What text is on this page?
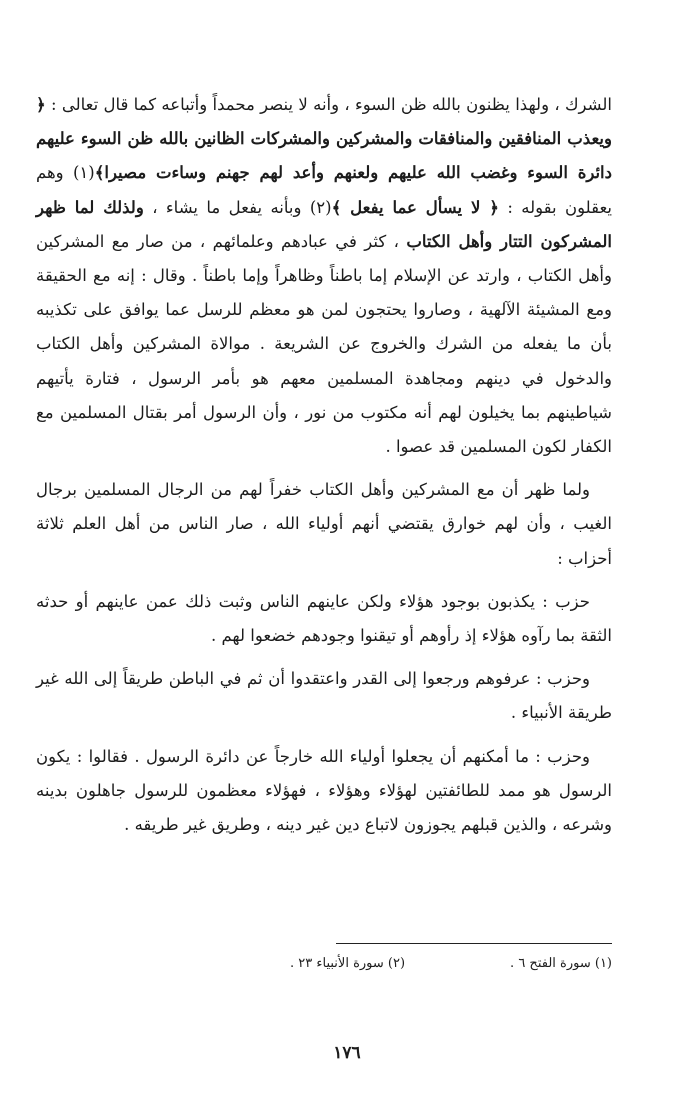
الشرك ، ولهذا يظنون بالله ظن السوء ، وأنه لا ينصر محمداً وأتباعه كما قال تعالى : ﴿ ويعذب المنافقين والمنافقات والمشركين والمشركات الظانين بالله ظن السوء عليهم دائرة السوء وغضب الله عليهم ولعنهم وأعد لهم جهنم وساءت مصيرا﴾(١) وهم يعقلون بقوله : ﴿ لا يسأل عما يفعل ﴾(٢) وبأنه يفعل ما يشاء ، ولذلك لما ظهر المشركون التتار وأهل الكتاب ، كثر في عبادهم وعلمائهم ، من صار مع المشركين وأهل الكتاب ، وارتد عن الإسلام إما باطناً وظاهراً وإما باطناً . وقال : إنه مع الحقيقة ومع المشيئة الآلهية ، وصاروا يحتجون لمن هو معظم للرسل عما يوافق على تكذيبه بأن ما يفعله من الشرك والخروج عن الشريعة . موالاة المشركين وأهل الكتاب والدخول في دينهم ومجاهدة المسلمين معهم هو بأمر الرسول ، فتارة يأتيهم شياطينهم بما يخيلون لهم أنه مكتوب من نور ، وأن الرسول أمر بقتال المسلمين مع الكفار لكون المسلمين قد عصوا .

ولما ظهر أن مع المشركين وأهل الكتاب خفراً لهم من الرجال المسلمين برجال الغيب ، وأن لهم خوارق يقتضي أنهم أولياء الله ، صار الناس من أهل العلم ثلاثة أحزاب :

حزب : يكذبون بوجود هؤلاء ولكن عاينهم الناس وثبت ذلك عمن عاينهم أو حدثه الثقة بما رآوه هؤلاء إذ رأوهم أو تيقنوا وجودهم خضعوا لهم .

وحزب : عرفوهم ورجعوا إلى القدر واعتقدوا أن ثم في الباطن طريقاً إلى الله غير طريقة الأنبياء .

وحزب : ما أمكنهم أن يجعلوا أولياء الله خارجاً عن دائرة الرسول . فقالوا : يكون الرسول هو ممد للطائفتين لهؤلاء وهؤلاء ، فهؤلاء معظمون للرسول جاهلون بدينه وشرعه ، والذين قبلهم يجوزون لاتباع دين غير دينه ، وطريق غير طريقه .

(١) سورة الفتح ٦ .
(٢) سورة الأنبياء ٢٣ .
١٧٦
